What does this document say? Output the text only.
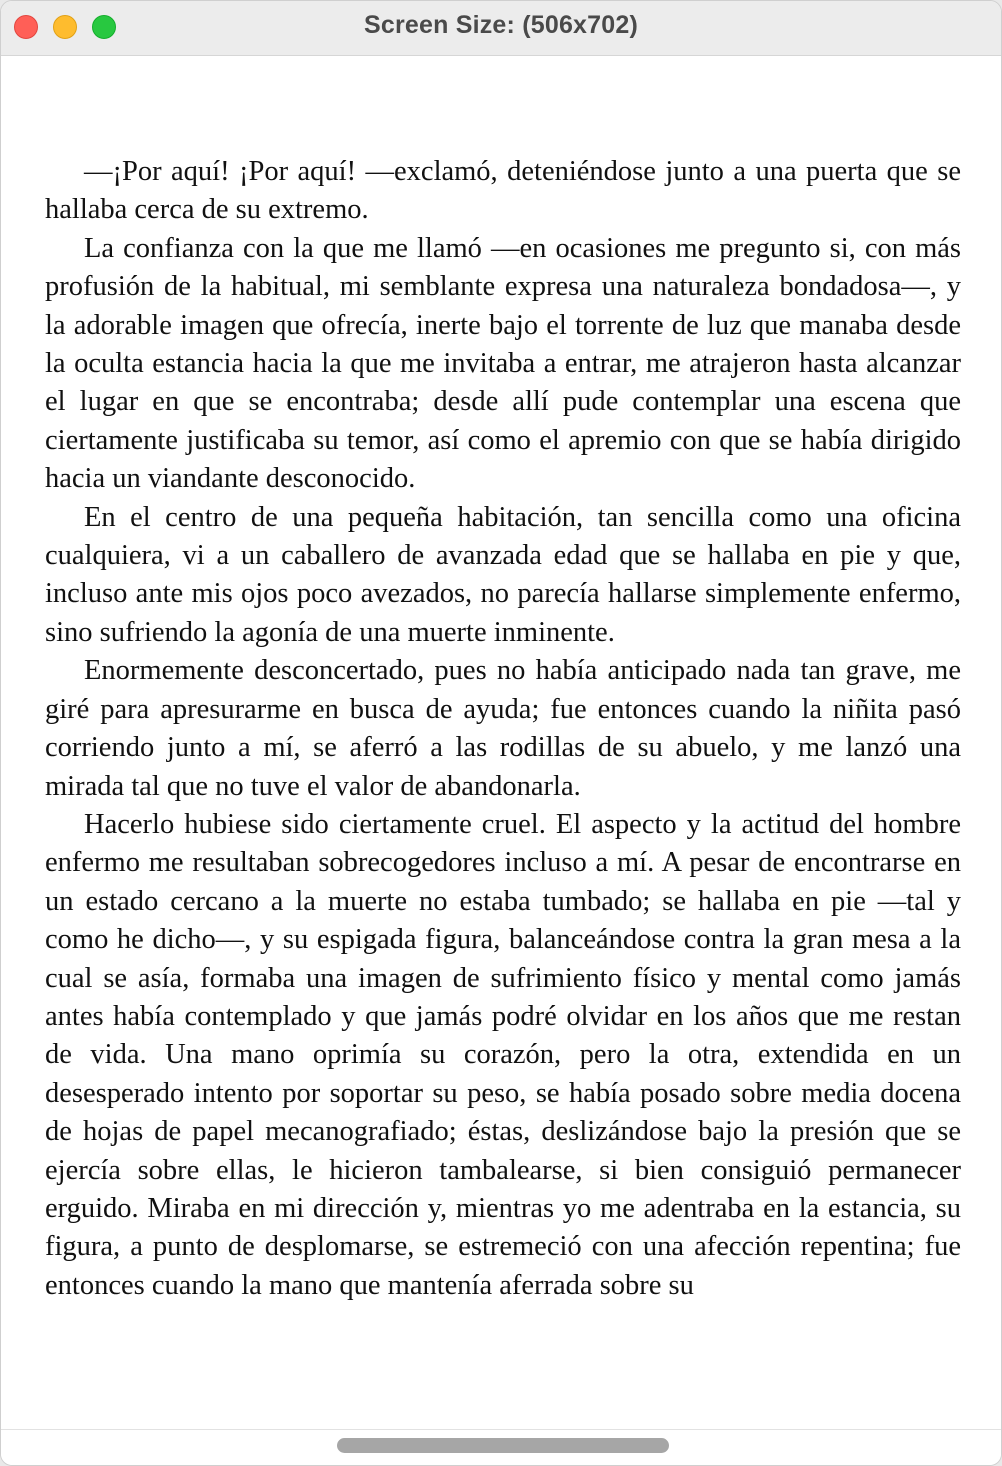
Screen Size: (506x702)

—¡Por aquí! ¡Por aquí! —exclamó, deteniéndose junto a una puerta que se hallaba cerca de su extremo.

La confianza con la que me llamó —en ocasiones me pregunto si, con más profusión de la habitual, mi semblante expresa una naturaleza bondadosa—, y la adorable imagen que ofrecía, inerte bajo el torrente de luz que manaba desde la oculta estancia hacia la que me invitaba a entrar, me atrajeron hasta alcanzar el lugar en que se encontraba; desde allí pude contemplar una escena que ciertamente justificaba su temor, así como el apremio con que se había dirigido hacia un viandante desconocido.

En el centro de una pequeña habitación, tan sencilla como una oficina cualquiera, vi a un caballero de avanzada edad que se hallaba en pie y que, incluso ante mis ojos poco avezados, no parecía hallarse simplemente enfermo, sino sufriendo la agonía de una muerte inminente.

Enormemente desconcertado, pues no había anticipado nada tan grave, me giré para apresurarme en busca de ayuda; fue entonces cuando la niñita pasó corriendo junto a mí, se aferró a las rodillas de su abuelo, y me lanzó una mirada tal que no tuve el valor de abandonarla.

Hacerlo hubiese sido ciertamente cruel. El aspecto y la actitud del hombre enfermo me resultaban sobrecogedores incluso a mí. A pesar de encontrarse en un estado cercano a la muerte no estaba tumbado; se hallaba en pie —tal y como he dicho—, y su espigada figura, balanceándose contra la gran mesa a la cual se asía, formaba una imagen de sufrimiento físico y mental como jamás antes había contemplado y que jamás podré olvidar en los años que me restan de vida. Una mano oprimía su corazón, pero la otra, extendida en un desesperado intento por soportar su peso, se había posado sobre media docena de hojas de papel mecanografiado; éstas, deslizándose bajo la presión que se ejercía sobre ellas, le hicieron tambalearse, si bien consiguió permanecer erguido. Miraba en mi dirección y, mientras yo me adentraba en la estancia, su figura, a punto de desplomarse, se estremeció con una afección repentina; fue entonces cuando la mano que mantenía aferrada sobre su
